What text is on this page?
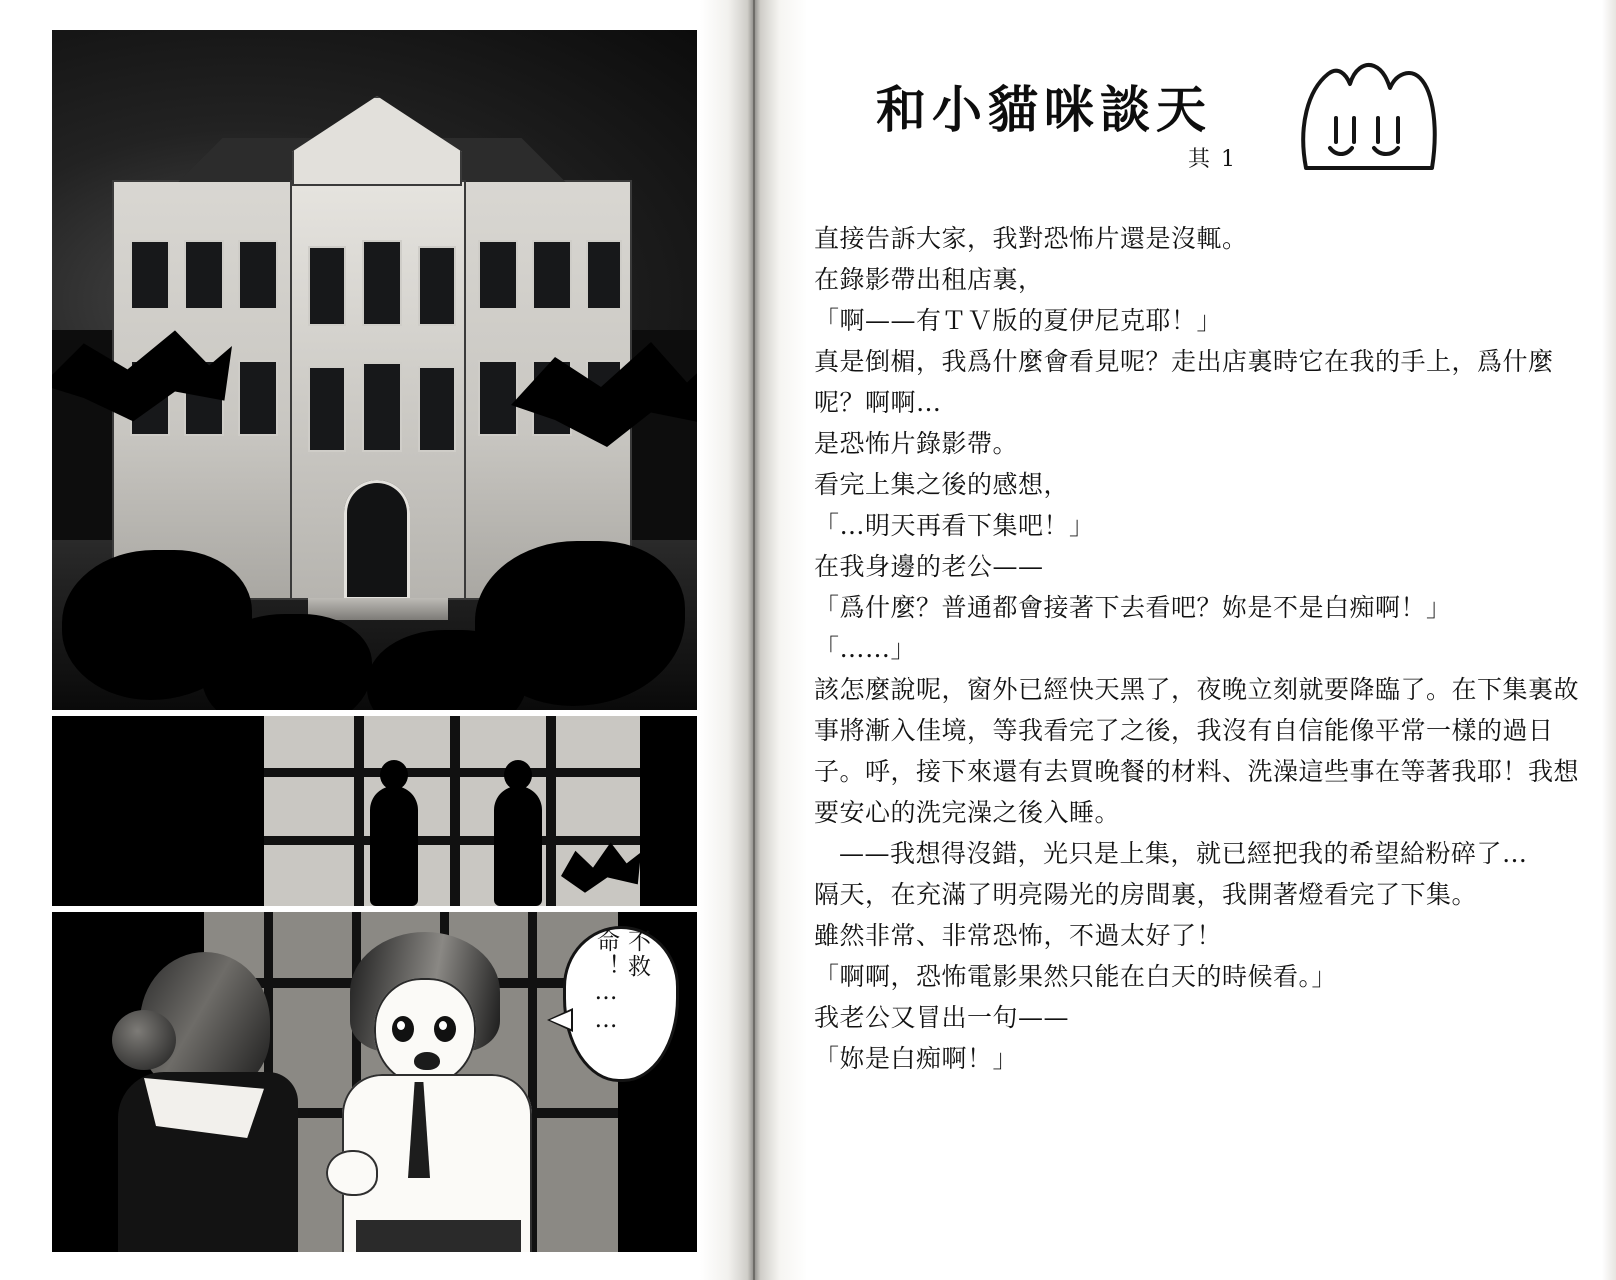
不救命！……
和小貓咪談天
其 1

直接告訴大家，我對恐怖片還是沒輒。

在錄影帶出租店裏，

「啊——有ＴＶ版的夏伊尼克耶！」

真是倒楣，我爲什麼會看見呢？走出店裏時它在我的手上，爲什麼呢？啊啊…

是恐怖片錄影帶。

看完上集之後的感想，

「…明天再看下集吧！」

在我身邊的老公——

「爲什麼？普通都會接著下去看吧？妳是不是白痴啊！」

「……」

該怎麼說呢，窗外已經快天黑了，夜晚立刻就要降臨了。在下集裏故事將漸入佳境，等我看完了之後，我沒有自信能像平常一樣的過日子。呼，接下來還有去買晚餐的材料、洗澡這些事在等著我耶！我想要安心的洗完澡之後入睡。

——我想得沒錯，光只是上集，就已經把我的希望給粉碎了…

隔天，在充滿了明亮陽光的房間裏，我開著燈看完了下集。

雖然非常、非常恐怖，不過太好了！

「啊啊，恐怖電影果然只能在白天的時候看。」

我老公又冒出一句——

「妳是白痴啊！」
